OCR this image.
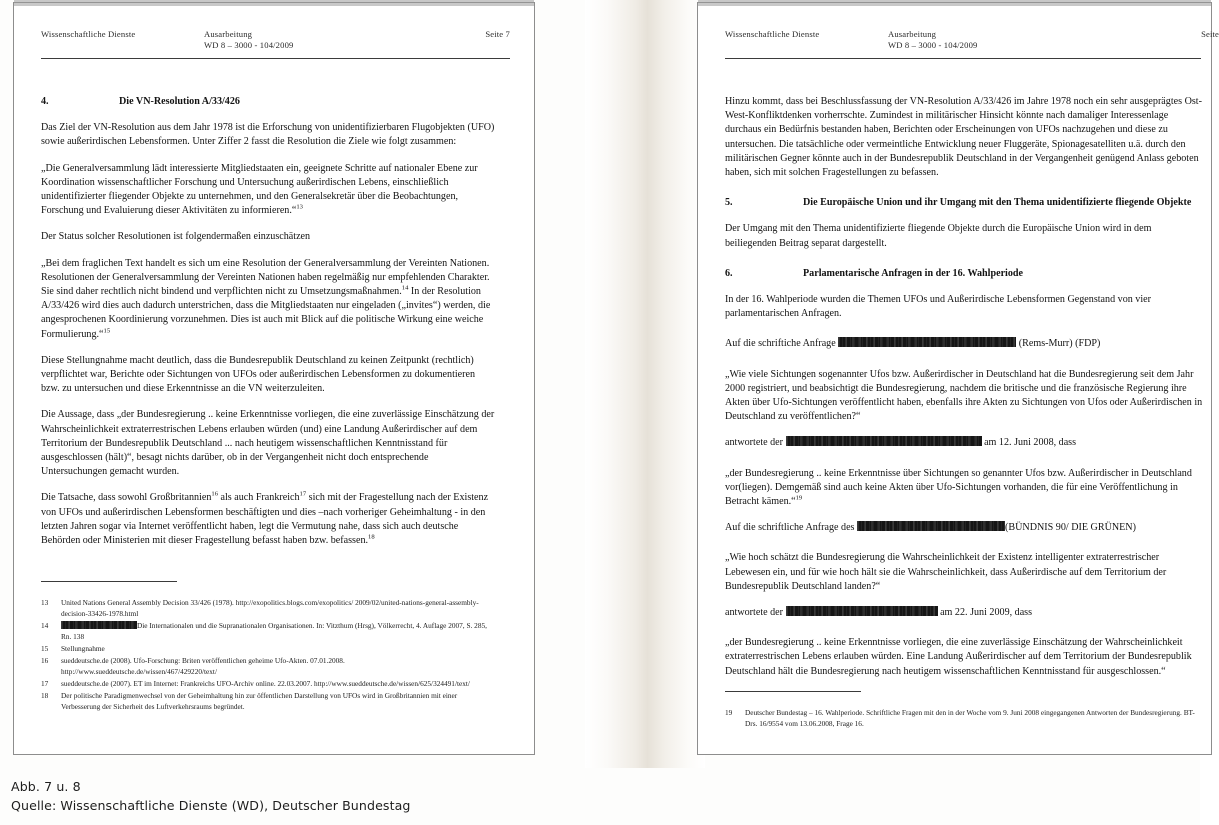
Wissenschaftliche Dienste	Ausarbeitung
WD 8 – 3000 - 104/2009
Seite 7
4.	Die VN-Resolution A/33/426

Das Ziel der VN-Resolution aus dem Jahr 1978 ist die Erforschung von unidentifizierbaren Flugobjekten (UFO) sowie außerirdischen Lebensformen. Unter Ziffer 2 fasst die Resolution die Ziele wie folgt zusammen:

„Die Generalversammlung lädt interessierte Mitgliedstaaten ein, geeignete Schritte auf nationaler Ebene zur Koordination wissenschaftlicher Forschung und Untersuchung außerirdischen Lebens, einschließlich unidentifizierter fliegender Objekte zu unternehmen, und den Generalsekretär über die Beobachtungen, Forschung und Evaluierung dieser Aktivitäten zu informieren.“$^{13}$

Der Status solcher Resolutionen ist folgendermaßen einzuschätzen

„Bei dem fraglichen Text handelt es sich um eine Resolution der Generalversammlung der Vereinten Nationen. Resolutionen der Generalversammlung der Vereinten Nationen haben regelmäßig nur empfehlenden Charakter. Sie sind daher rechtlich nicht bindend und verpflichten nicht zu Umsetzungsmaßnahmen.$^{14}$ In der Resolution A/33/426 wird dies auch dadurch unterstrichen, dass die Mitgliedstaaten nur eingeladen („invites“) werden, die angesprochenen Koordinierung vorzunehmen. Dies ist auch mit Blick auf die politische Wirkung eine weiche Formulierung.“$^{15}$

Diese Stellungnahme macht deutlich, dass die Bundesrepublik Deutschland zu keinen Zeitpunkt (rechtlich) verpflichtet war, Berichte oder Sichtungen von UFOs oder außerirdischen Lebensformen zu dokumentieren bzw. zu untersuchen und diese Erkenntnisse an die VN weiterzuleiten.

Die Aussage, dass „der Bundesregierung .. keine Erkenntnisse vorliegen, die eine zuverlässige Einschätzung der Wahrscheinlichkeit extraterrestrischen Lebens erlauben würden (und) eine Landung Außerirdischer auf dem Territorium der Bundesrepublik Deutschland ... nach heutigem wissenschaftlichen Kenntnisstand für ausgeschlossen (hält)“, besagt nichts darüber, ob in der Vergangenheit nicht doch entsprechende Untersuchungen gemacht wurden.

Die Tatsache, dass sowohl Großbritannien$^{16}$ als auch Frankreich$^{17}$ sich mit der Fragestellung nach der Existenz von UFOs und außerirdischen Lebensformen beschäftigten und dies –nach vorheriger Geheimhaltung - in den letzten Jahren sogar via Internet veröffentlicht haben, legt die Vermutung nahe, dass sich auch deutsche Behörden oder Ministerien mit dieser Fragestellung befasst haben bzw. befassen.$^{18}$

13	United Nations General Assembly Decision 33/426 (1978). http://exopolitics.blogs.com/exopolitics/ 2009/02/united-nations-general-assembly-decision-33426-1978.html
14	Die Internationalen und die Supranationalen Organisationen. In: Vitzthum (Hrsg), Völkerrecht, 4. Auflage 2007, S. 285, Rn. 138
15	Stellungnahme
16	sueddeutsche.de (2008). Ufo-Forschung: Briten veröffentlichen geheime Ufo-Akten. 07.01.2008. http://www.sueddeutsche.de/wissen/467/429220/text/
17	sueddeutsche.de (2007). ET im Internet: Frankreichs UFO-Archiv online. 22.03.2007. http://www.sueddeutsche.de/wissen/625/324491/text/
18	Der politische Paradigmenwechsel von der Geheimhaltung hin zur öffentlichen Darstellung von UFOs wird in Großbritannien mit einer Verbesserung der Sicherheit des Luftverkehrsraums begründet.
Wissenschaftliche Dienste	Ausarbeitung
WD 8 – 3000 - 104/2009
Seite

Hinzu kommt, dass bei Beschlussfassung der VN-Resolution A/33/426 im Jahre 1978 noch ein sehr ausgeprägtes Ost-West-Konfliktdenken vorherrschte. Zumindest in militärischer Hinsicht könnte nach damaliger Interessenlage durchaus ein Bedürfnis bestanden haben, Berichten oder Erscheinungen von UFOs nachzugehen und diese zu untersuchen. Die tatsächliche oder vermeintliche Entwicklung neuer Fluggeräte, Spionagesatelliten u.ä. durch den militärischen Gegner könnte auch in der Bundesrepublik Deutschland in der Vergangenheit genügend Anlass geboten haben, sich mit solchen Fragestellungen zu befassen.

5.	Die Europäische Union und ihr Umgang mit den Thema unidentifizierte fliegende Objekte

Der Umgang mit den Thema unidentifizierte fliegende Objekte durch die Europäische Union wird in dem beiliegenden Beitrag separat dargestellt.

6.	Parlamentarische Anfragen in der 16. Wahlperiode

In der 16. Wahlperiode wurden die Themen UFOs und Außerirdische Lebensformen Gegenstand von vier parlamentarischen Anfragen.

Auf die schriftiche Anfrage	(Rems-Murr) (FDP)

„Wie viele Sichtungen sogenannter Ufos bzw. Außerirdischer in Deutschland hat die Bundesregierung seit dem Jahr 2000 registriert, und beabsichtigt die Bundesregierung, nachdem die britische und die französische Regierung ihre Akten über Ufo-Sichtungen veröffentlicht haben, ebenfalls ihre Akten zu Sichtungen von Ufos oder Außerirdischen in Deutschland zu veröffentlichen?“

antwortete der	am 12. Juni 2008, dass

„der Bundesregierung .. keine Erkenntnisse über Sichtungen so genannter Ufos bzw. Außerirdischer in Deutschland vor(liegen). Demgemäß sind auch keine Akten über Ufo-Sichtungen vorhanden, die für eine Veröffentlichung in Betracht kämen.“$^{19}$

Auf die schriftliche Anfrage des	(BÜNDNIS 90/ DIE GRÜNEN)

„Wie hoch schätzt die Bundesregierung die Wahrscheinlichkeit der Existenz intelligenter extraterrestrischer Lebewesen ein, und für wie hoch hält sie die Wahrscheinlichkeit, dass Außerirdische auf dem Territorium der Bundesrepublik Deutschland landen?“

antwortete der	am 22. Juni 2009, dass

„der Bundesregierung .. keine Erkenntnisse vorliegen, die eine zuverlässige Einschätzung der Wahrscheinlichkeit extraterrestrischen Lebens erlauben würden. Eine Landung Außerirdischer auf dem Territorium der Bundesrepublik Deutschland hält die Bundesregierung nach heutigem wissenschaftlichen Kenntnisstand für ausgeschlossen.“

19	Deutscher Bundestag – 16. Wahlperiode. Schriftliche Fragen mit den in der Woche vom 9. Juni 2008 eingegangenen Antworten der Bundesregierung. BT-Drs. 16/9554 vom 13.06.2008, Frage 16.
Abb. 7 u. 8
Quelle: Wissenschaftliche Dienste (WD), Deutscher Bundestag
